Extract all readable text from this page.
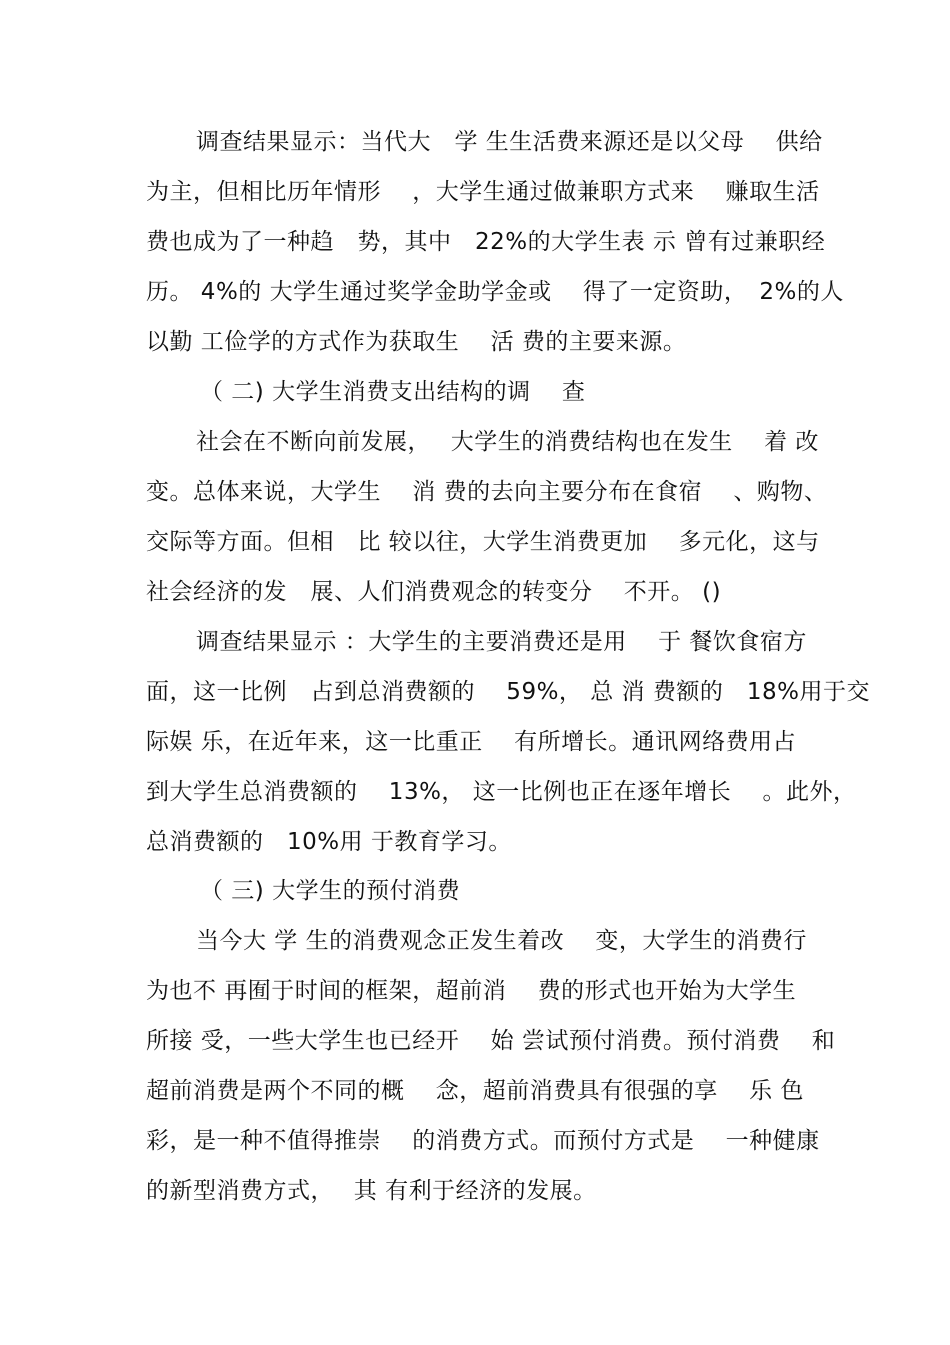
调查结果显示：当代大　学 生生活费来源还是以父母　 供给
为主，但相比历年情形　 ，大学生通过做兼职方式来　 赚取生活
费也成为了一种趋　势，其中　22%的大学生表 示 曾有过兼职经
历。 4%的 大学生通过奖学金助学金或　 得了一定资助，　2%的人
以勤 工俭学的方式作为获取生　 活 费的主要来源。
（ 二) 大学生消费支出结构的调　 查
社会在不断向前发展，　 大学生的消费结构也在发生　 着 改
变。总体来说，大学生　 消 费的去向主要分布在食宿　 、购物、
交际等方面。但相　比 较以往，大学生消费更加　 多元化，这与
社会经济的发　展、人们消费观念的转变分　 不开。 ()
调查结果显示 ：大学生的主要消费还是用　 于 餐饮食宿方
面，这一比例　占到总消费额的　 59%， 总 消 费额的　18%用于交
际娱 乐，在近年来，这一比重正　 有所增长。通讯网络费用占
到大学生总消费额的　 13%， 这一比例也正在逐年增长　 。此外，
总消费额的　10%用 于教育学习。
（ 三) 大学生的预付消费
当今大 学 生的消费观念正发生着改　 变，大学生的消费行
为也不 再囿于时间的框架，超前消　 费的形式也开始为大学生
所接 受，一些大学生也已经开　 始 尝试预付消费。预付消费　 和
超前消费是两个不同的概　 念，超前消费具有很强的享　 乐 色
彩，是一种不值得推崇　 的消费方式。而预付方式是　 一种健康
的新型消费方式，　 其 有利于经济的发展。
